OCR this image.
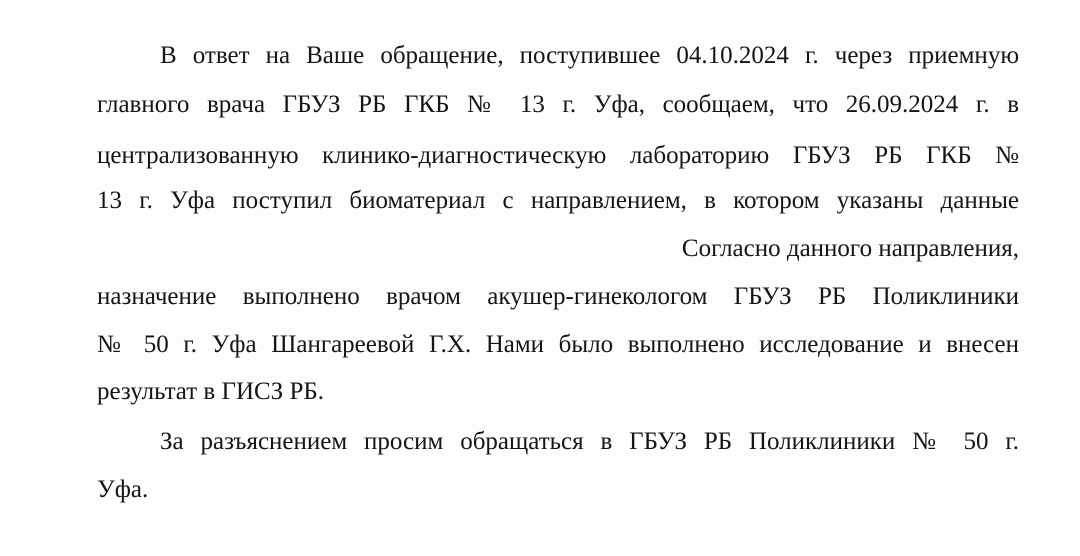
В ответ на Ваше обращение, поступившее 04.10.2024 г. через приемную
главного врача ГБУЗ РБ ГКБ № 13 г. Уфа, сообщаем, что 26.09.2024 г. в
централизованную клинико-диагностическую лабораторию ГБУЗ РБ ГКБ №
13 г. Уфа поступил биоматериал с направлением, в котором указаны данные
Согласно данного направления,
назначение выполнено врачом акушер-гинекологом ГБУЗ РБ Поликлиники
№ 50 г. Уфа Шангареевой Г.Х. Нами было выполнено исследование и внесен
результат в ГИСЗ РБ.
За разъяснением просим обращаться в ГБУЗ РБ Поликлиники № 50 г.
Уфа.
